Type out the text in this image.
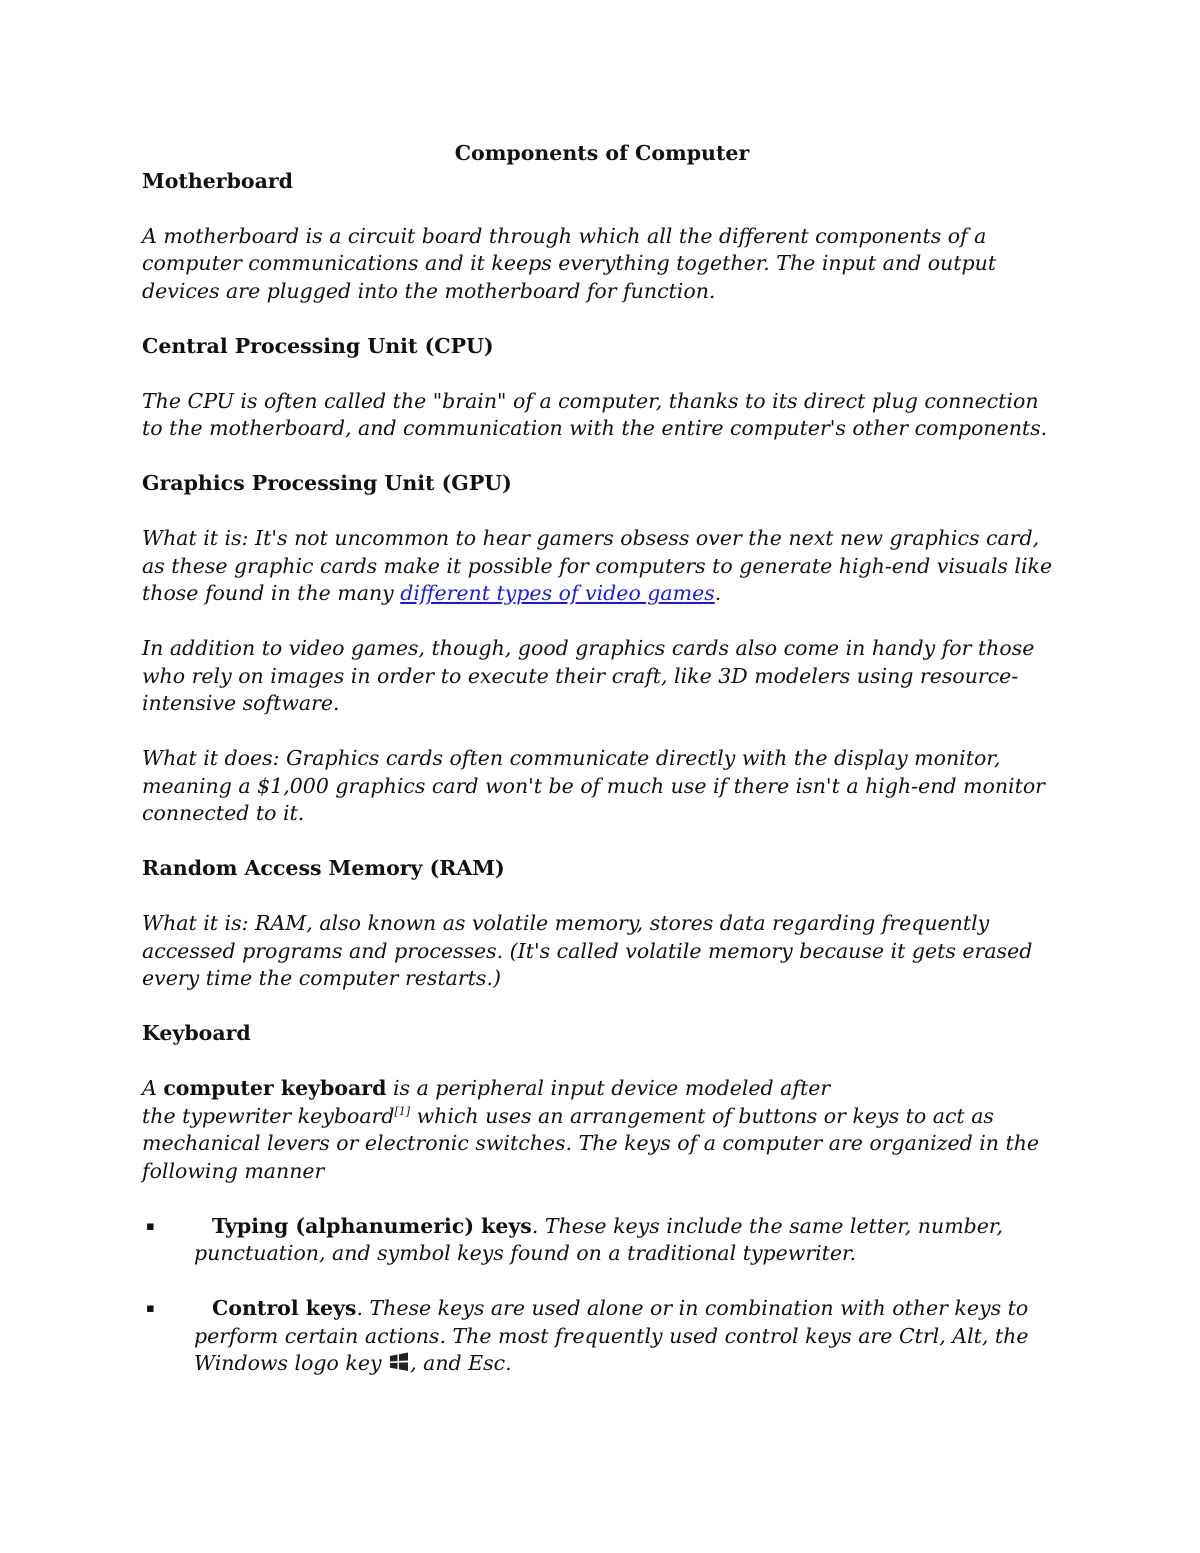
Components of Computer
Motherboard

A motherboard is a circuit board through which all the different components of a computer communications and it keeps everything together. The input and output devices are plugged into the motherboard for function.

Central Processing Unit (CPU)

The CPU is often called the "brain" of a computer, thanks to its direct plug connection to the motherboard, and communication with the entire computer's other components.

Graphics Processing Unit (GPU)

What it is: It's not uncommon to hear gamers obsess over the next new graphics card, as these graphic cards make it possible for computers to generate high-end visuals like those found in the many different types of video games.

In addition to video games, though, good graphics cards also come in handy for those who rely on images in order to execute their craft, like 3D modelers using resource-intensive software.

What it does: Graphics cards often communicate directly with the display monitor, meaning a $1,000 graphics card won't be of much use if there isn't a high-end monitor connected to it.

Random Access Memory (RAM)

What it is: RAM, also known as volatile memory, stores data regarding frequently accessed programs and processes. (It's called volatile memory because it gets erased every time the computer restarts.)

Keyboard

A computer keyboard is a peripheral input device modeled after
the typewriter keyboard[1] which uses an arrangement of buttons or keys to act as mechanical levers or electronic switches. The keys of a computer are organized in the following manner

▪	Typing (alphanumeric) keys. These keys include the same letter, number, punctuation, and symbol keys found on a traditional typewriter.
▪	Control keys. These keys are used alone or in combination with other keys to perform certain actions. The most frequently used control keys are Ctrl, Alt, the Windows logo key , and Esc.
